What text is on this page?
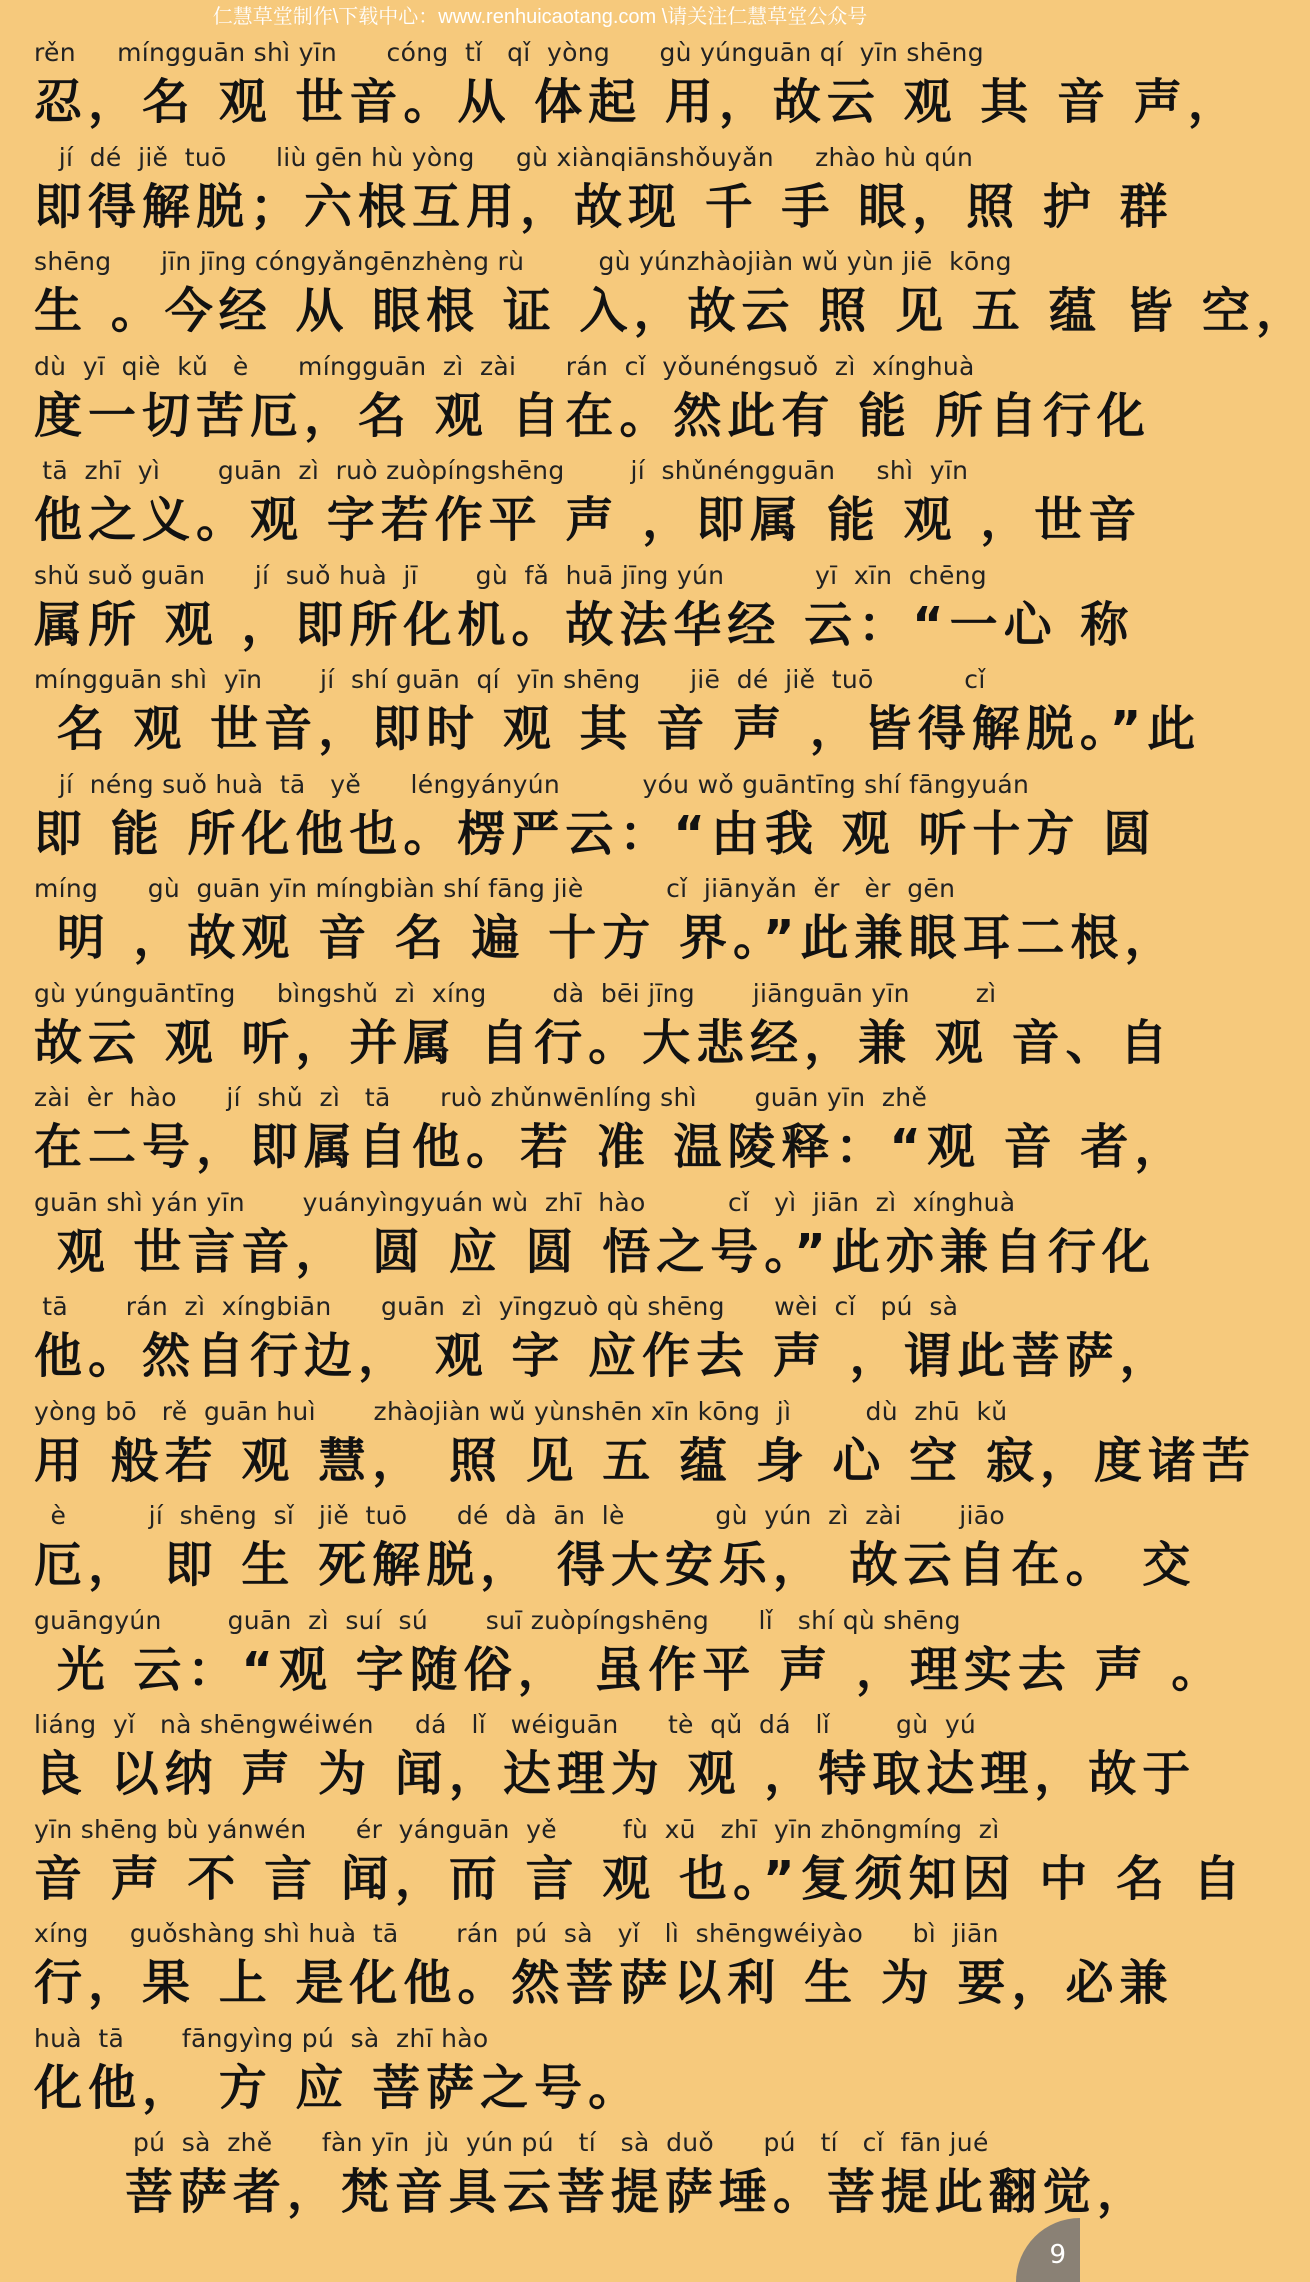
仁慧草堂制作\下载中心：www.renhuicaotang.com \请关注仁慧草堂公众号
rěn     míngguān shì yīn      cóng  tǐ   qǐ  yòng      gù yúnguān qí  yīn shēng
忍，名 观 世音。从 体起 用，故云 观 其 音 声，
jí  dé  jiě  tuō      liù gēn hù yòng     gù xiànqiānshǒuyǎn     zhào hù qún
即得解脱；六根互用，故现 千 手 眼，照 护 群
shēng      jīn jīng cóngyǎngēnzhèng rù         gù yúnzhàojiàn wǔ yùn jiē  kōng
生 。今经 从 眼根 证 入，故云 照 见 五 蕴 皆 空，
dù  yī  qiè  kǔ   è      míngguān  zì  zài      rán  cǐ  yǒunéngsuǒ  zì  xínghuà
度一切苦厄，名 观 自在。然此有 能 所自行化
tā  zhī  yì       guān  zì  ruò zuòpíngshēng        jí  shǔnéngguān     shì  yīn
他之义。观 字若作平 声 ，即属 能 观 ，世音
shǔ suǒ guān      jí  suǒ huà  jī       gù  fǎ  huā jīng yún           yī  xīn  chēng
属所 观 ，即所化机。故法华经 云：“一心 称
míngguān shì  yīn       jí  shí guān  qí  yīn shēng      jiē  dé  jiě  tuō           cǐ
名 观 世音，即时 观 其 音 声 ，皆得解脱。”此
jí  néng suǒ huà  tā   yě      léngyányún          yóu wǒ guāntīng shí fāngyuán
即 能 所化他也。楞严云：“由我 观 听十方 圆
míng      gù  guān yīn míngbiàn shí fāng jiè          cǐ  jiānyǎn  ěr   èr  gēn
明 ，故观 音 名 遍 十方 界。”此兼眼耳二根，
gù yúnguāntīng     bìngshǔ  zì  xíng        dà  bēi jīng       jiānguān yīn        zì
故云 观 听，并属 自行。大悲经，兼 观 音、自
zài  èr  hào      jí  shǔ  zì   tā      ruò zhǔnwēnlíng shì       guān yīn  zhě
在二号，即属自他。若 准 温陵释：“观 音 者，
guān shì yán yīn       yuányìngyuán wù  zhī  hào          cǐ   yì  jiān  zì  xínghuà
观 世言音， 圆 应 圆 悟之号。”此亦兼自行化
tā       rán  zì  xíngbiān      guān  zì  yīngzuò qù shēng      wèi  cǐ   pú  sà
他。然自行边， 观 字 应作去 声 ，谓此菩萨，
yòng bō   rě  guān huì       zhàojiàn wǔ yùnshēn xīn kōng  jì         dù  zhū  kǔ
用 般若 观 慧， 照 见 五 蕴 身 心 空 寂，度诸苦
è          jí  shēng  sǐ   jiě  tuō      dé  dà  ān  lè           gù  yún  zì  zài       jiāo
厄， 即 生 死解脱， 得大安乐， 故云自在。 交
guāngyún        guān  zì  suí  sú       suī zuòpíngshēng      lǐ   shí qù shēng
光 云：“观 字随俗， 虽作平 声 ，理实去 声 。
liáng  yǐ   nà shēngwéiwén     dá   lǐ   wéiguān      tè  qǔ  dá   lǐ        gù  yú
良 以纳 声 为 闻，达理为 观 ，特取达理，故于
yīn shēng bù yánwén      ér  yánguān  yě        fù  xū   zhī  yīn zhōngmíng  zì
音 声 不 言 闻，而 言 观 也。”复须知因 中 名 自
xíng     guǒshàng shì huà  tā       rán  pú  sà   yǐ   lì  shēngwéiyào      bì  jiān
行，果 上 是化他。然菩萨以利 生 为 要，必兼
huà  tā       fāngyìng pú  sà  zhī hào
化他， 方 应 菩萨之号。
pú  sà  zhě      fàn yīn  jù  yún pú   tí   sà  duǒ      pú   tí   cǐ  fān jué
菩萨者，梵音具云菩提萨埵。菩提此翻觉，
9
